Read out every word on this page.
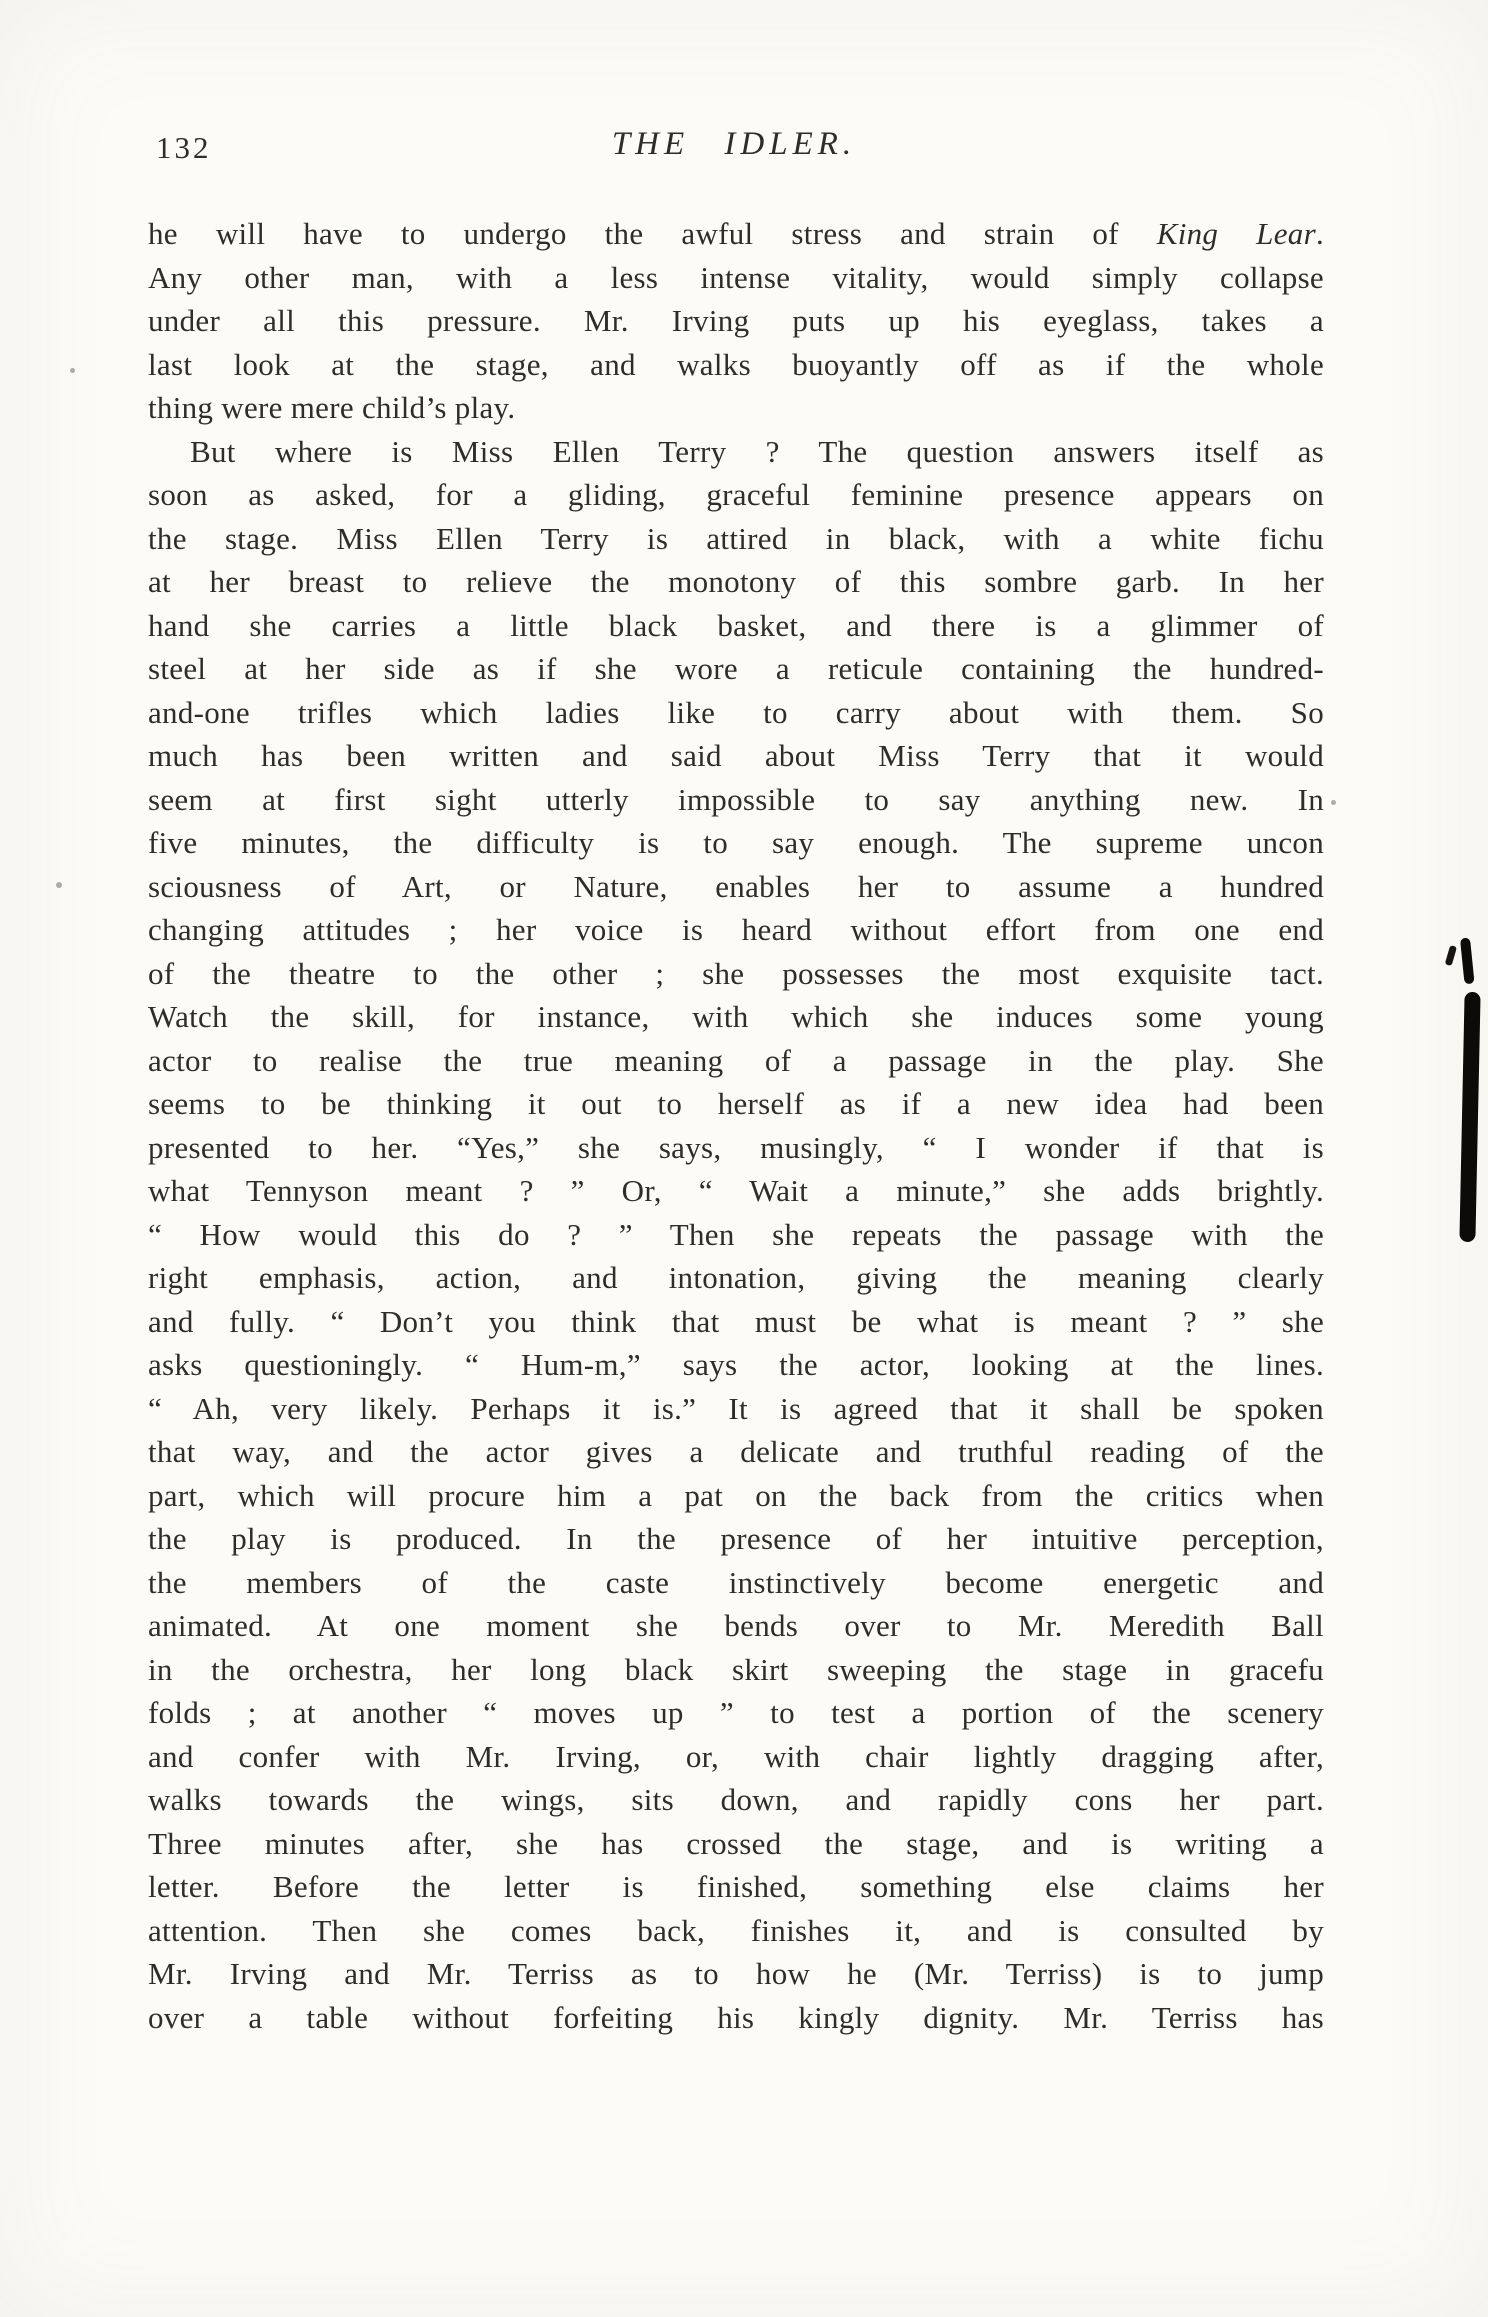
132	THE IDLER.
he will have to undergo the awful stress and strain of King Lear.
Any other man, with a less intense vitality, would simply collapse
under all this pressure. Mr. Irving puts up his eyeglass, takes a
last look at the stage, and walks buoyantly off as if the whole
thing were mere child’s play.
But where is Miss Ellen Terry ? The question answers itself as
soon as asked, for a gliding, graceful feminine presence appears on
the stage. Miss Ellen Terry is attired in black, with a white fichu
at her breast to relieve the monotony of this sombre garb. In her
hand she carries a little black basket, and there is a glimmer of
steel at her side as if she wore a reticule containing the hundred-
and-one trifles which ladies like to carry about with them. So
much has been written and said about Miss Terry that it would
seem at first sight utterly impossible to say anything new. In
five minutes, the difficulty is to say enough. The supreme uncon
sciousness of Art, or Nature, enables her to assume a hundred
changing attitudes ; her voice is heard without effort from one end
of the theatre to the other ; she possesses the most exquisite tact.
Watch the skill, for instance, with which she induces some young
actor to realise the true meaning of a passage in the play. She
seems to be thinking it out to herself as if a new idea had been
presented to her. “Yes,” she says, musingly, “ I wonder if that is
what Tennyson meant ? ” Or, “ Wait a minute,” she adds brightly.
“ How would this do ? ” Then she repeats the passage with the
right emphasis, action, and intonation, giving the meaning clearly
and fully. “ Don’t you think that must be what is meant ? ” she
asks questioningly. “ Hum-m,” says the actor, looking at the lines.
“ Ah, very likely. Perhaps it is.” It is agreed that it shall be spoken
that way, and the actor gives a delicate and truthful reading of the
part, which will procure him a pat on the back from the critics when
the play is produced. In the presence of her intuitive perception,
the members of the caste instinctively become energetic and
animated. At one moment she bends over to Mr. Meredith Ball
in the orchestra, her long black skirt sweeping the stage in gracefu
folds ; at another “ moves up ” to test a portion of the scenery
and confer with Mr. Irving, or, with chair lightly dragging after,
walks towards the wings, sits down, and rapidly cons her part.
Three minutes after, she has crossed the stage, and is writing a
letter. Before the letter is finished, something else claims her
attention. Then she comes back, finishes it, and is consulted by
Mr. Irving and Mr. Terriss as to how he (Mr. Terriss) is to jump
over a table without forfeiting his kingly dignity. Mr. Terriss has
